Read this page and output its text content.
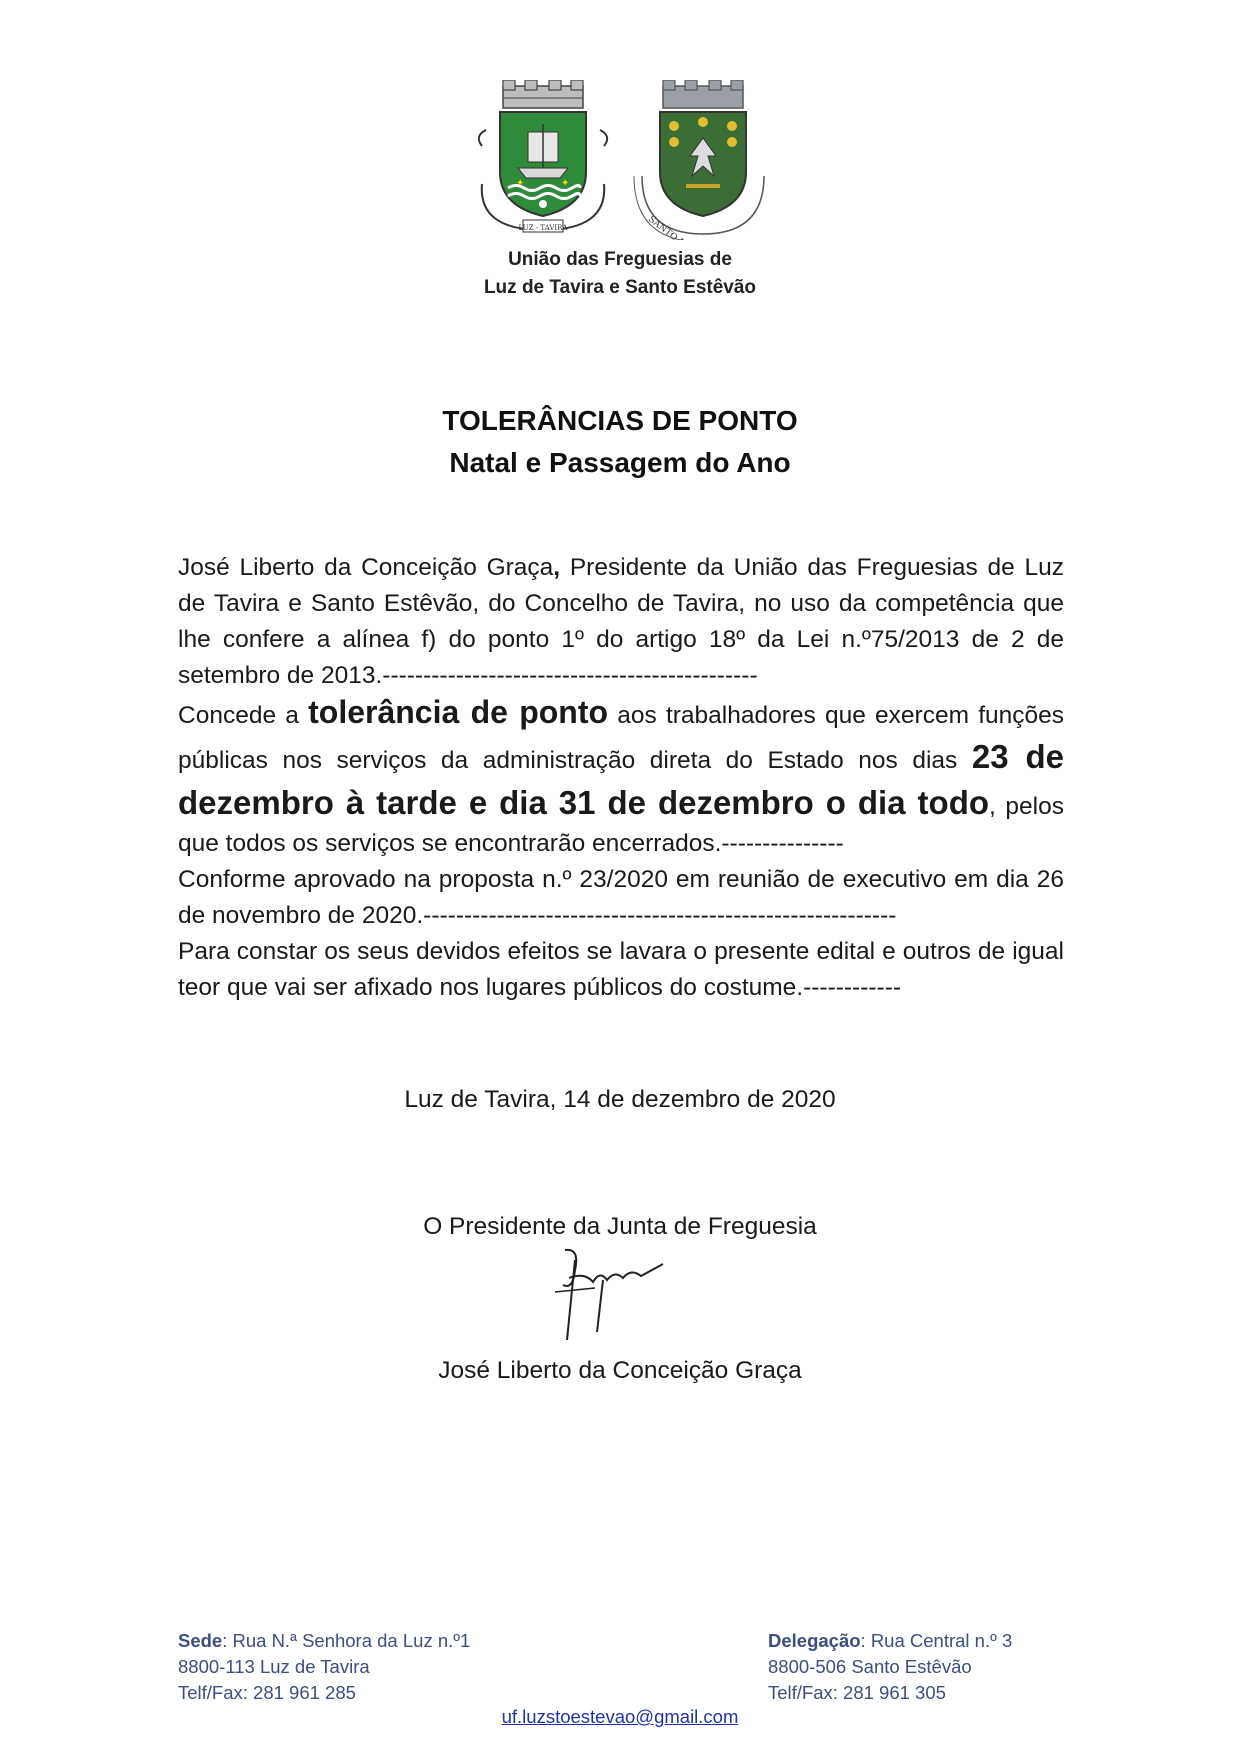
✦	✦
LUZ - TAVIRA
União das Freguesias de
Luz de Tavira e Santo Estêvão
TOLERÂNCIAS DE PONTO
Natal e Passagem do Ano

José Liberto da Conceição Graça, Presidente da União das Freguesias de Luz de Tavira e Santo Estêvão, do Concelho de Tavira, no uso da competência que lhe confere a alínea f) do ponto 1º do artigo 18º da Lei n.º75/2013 de 2 de setembro de 2013.----------------------------------------------

Concede a tolerância de ponto aos trabalhadores que exercem funções públicas nos serviços da administração direta do Estado nos dias 23 de dezembro à tarde e dia 31 de dezembro o dia todo, pelos que todos os serviços se encontrarão encerrados.---------------

Conforme aprovado na proposta n.º 23/2020 em reunião de executivo em dia 26 de novembro de 2020.----------------------------------------------------------

Para constar os seus devidos efeitos se lavara o presente edital e outros de igual teor que vai ser afixado nos lugares públicos do costume.------------

Luz de Tavira, 14 de dezembro de 2020
O Presidente da Junta de Freguesia
José Liberto da Conceição Graça
Sede: Rua N.ª Senhora da Luz n.º1
8800-113 Luz de Tavira
Telf/Fax: 281 961 285
Delegação: Rua Central n.º 3
8800-506 Santo Estêvão
Telf/Fax: 281 961 305
uf.luzstoestevao@gmail.com
